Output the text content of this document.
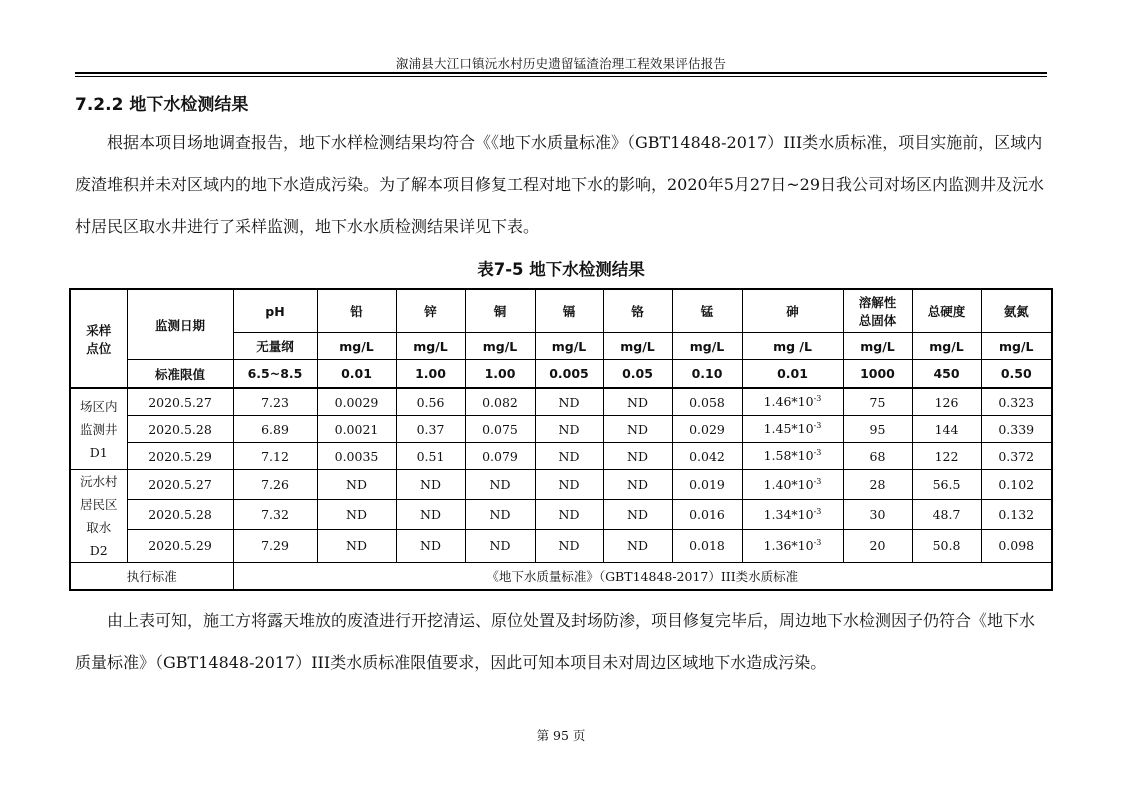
溆浦县大江口镇沅水村历史遗留锰渣治理工程效果评估报告
7.2.2 地下水检测结果
根据本项目场地调查报告，地下水样检测结果均符合《《地下水质量标准》（GBT14848-2017）III类水质标准，项目实施前，区域内废渣堆积并未对区域内的地下水造成污染。为了解本项目修复工程对地下水的影响，2020年5月27日~29日我公司对场区内监测井及沅水村居民区取水井进行了采样监测，地下水水质检测结果详见下表。
表7-5 地下水检测结果
采样点位	监测日期	pH	铅	锌	铜	镉	铬	锰	砷	溶解性总固体	总硬度	氨氮
		无量纲	mg/L	mg/L	mg/L	mg/L	mg/L	mg/L	mg /L	mg/L	mg/L	mg/L
	标准限值	6.5~8.5	0.01	1.00	1.00	0.005	0.05	0.10	0.01	1000	450	0.50

场区内
监测井
D1	2020.5.27	7.23	0.0029	0.56	0.082	ND	ND	0.058	$1.46*10^{-3}$	75	126	0.323
	2020.5.28	6.89	0.0021	0.37	0.075	ND	ND	0.029	$1.45*10^{-3}$	95	144	0.339
	2020.5.29	7.12	0.0035	0.51	0.079	ND	ND	0.042	$1.58*10^{-3}$	68	122	0.372

沅水村
居民区
取水
D2	2020.5.27	7.26	ND	ND	ND	ND	ND	0.019	$1.40*10^{-3}$	28	56.5	0.102
	2020.5.28	7.32	ND	ND	ND	ND	ND	0.016	$1.34*10^{-3}$	30	48.7	0.132
	2020.5.29	7.29	ND	ND	ND	ND	ND	0.018	$1.36*10^{-3}$	20	50.8	0.098
执行标准		《地下水质量标准》（GBT14848-2017）III类水质标准										
由上表可知，施工方将露天堆放的废渣进行开挖清运、原位处置及封场防渗，项目修复完毕后，周边地下水检测因子仍符合《地下水质量标准》（GBT14848-2017）III类水质标准限值要求，因此可知本项目未对周边区域地下水造成污染。
第 95 页
